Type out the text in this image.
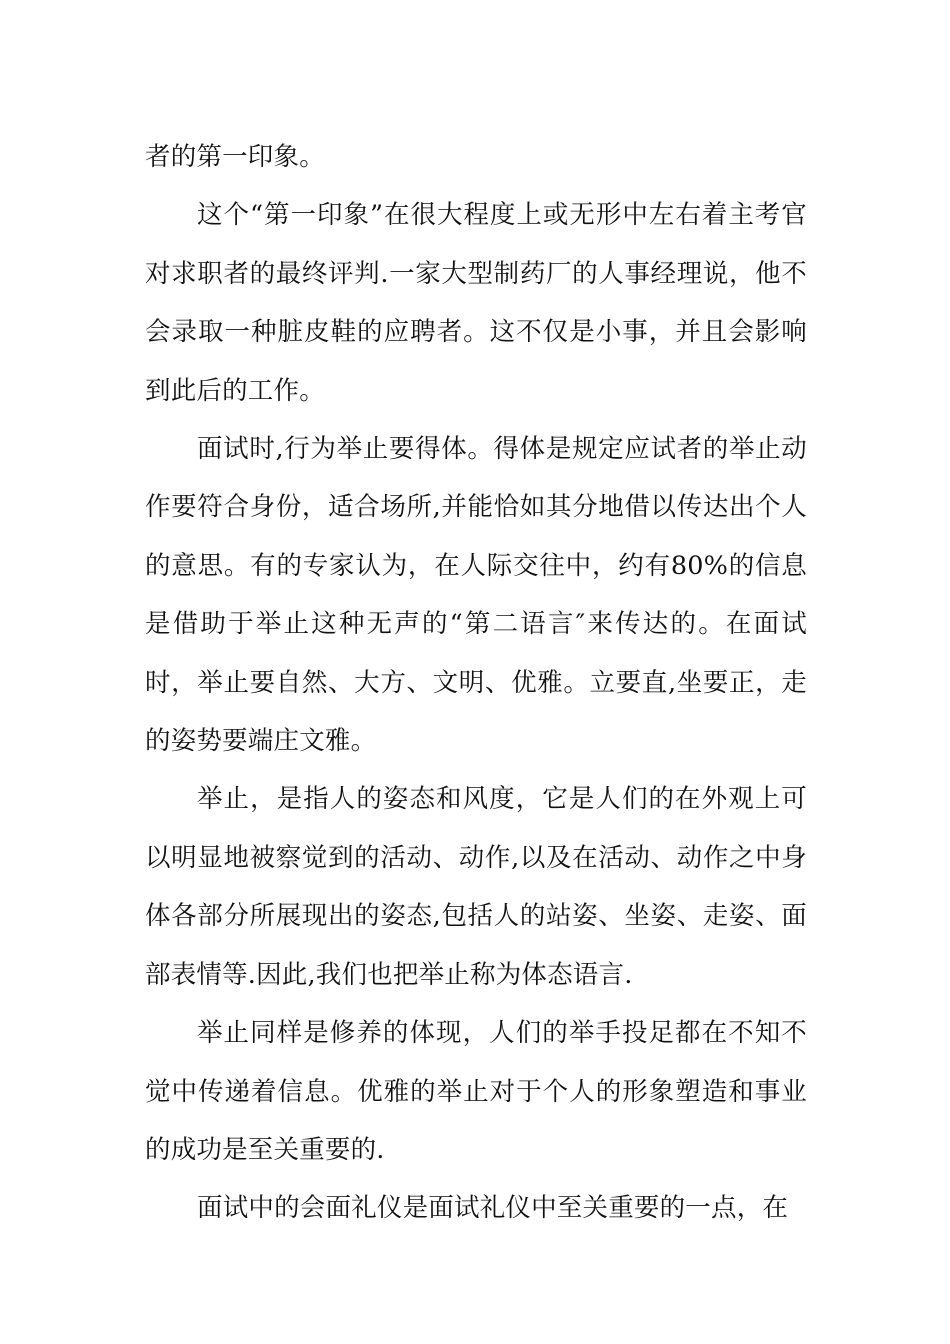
者的第一印象。

这个“第一印象”在很大程度上或无形中左右着主考官对求职者的最终评判.一家大型制药厂的人事经理说，他不会录取一种脏皮鞋的应聘者。这不仅是小事，并且会影响到此后的工作。

面试时,行为举止要得体。得体是规定应试者的举止动作要符合身份，适合场所,并能恰如其分地借以传达出个人的意思。有的专家认为，在人际交往中，约有80%的信息是借助于举止这种无声的“第二语言″来传达的。在面试时，举止要自然、大方、文明、优雅。立要直,坐要正，走的姿势要端庄文雅。

举止，是指人的姿态和风度，它是人们的在外观上可以明显地被察觉到的活动、动作,以及在活动、动作之中身体各部分所展现出的姿态,包括人的站姿、坐姿、走姿、面部表情等.因此,我们也把举止称为体态语言.

举止同样是修养的体现，人们的举手投足都在不知不觉中传递着信息。优雅的举止对于个人的形象塑造和事业的成功是至关重要的.

面试中的会面礼仪是面试礼仪中至关重要的一点，在
